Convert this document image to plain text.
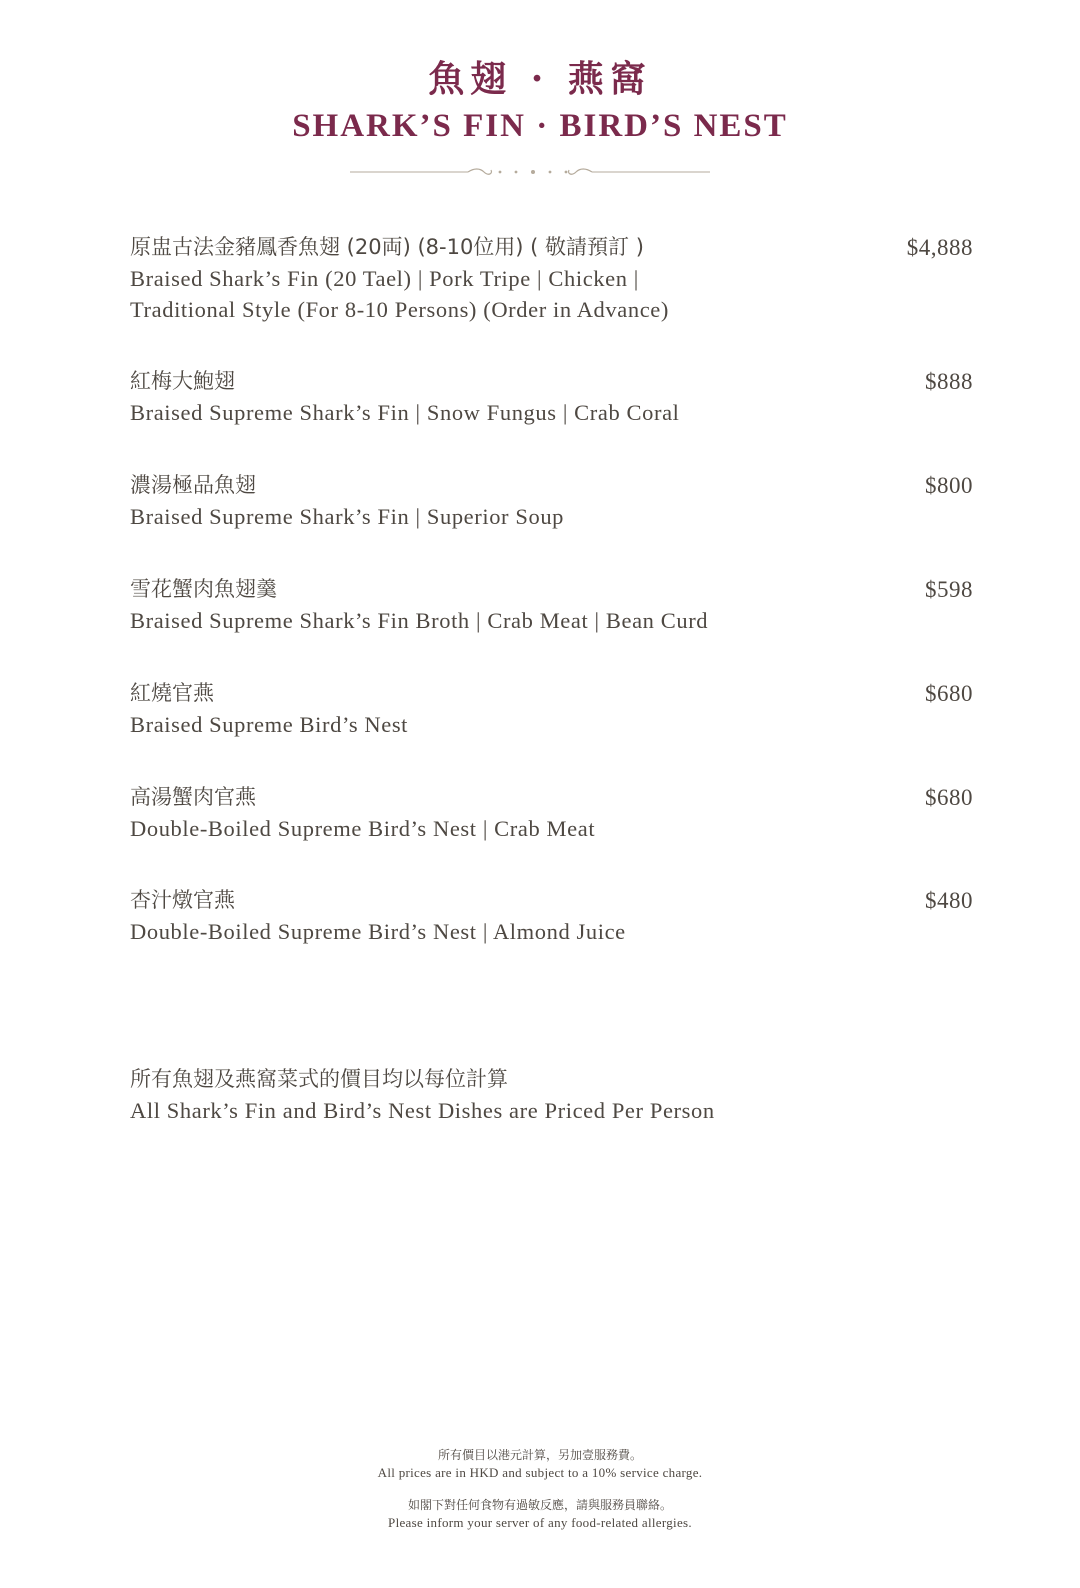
魚翅 · 燕窩
SHARK’S FIN · BIRD’S NEST
原盅古法金豬鳳香魚翅 (20両) (8-10位用) ( 敬請預訂 )
Braised Shark’s Fin (20 Tael) | Pork Tripe | Chicken |
Traditional Style (For 8-10 Persons) (Order in Advance)
$4,888
紅梅大鮑翅
Braised Supreme Shark’s Fin | Snow Fungus | Crab Coral
$888
濃湯極品魚翅
Braised Supreme Shark’s Fin | Superior Soup
$800
雪花蟹肉魚翅羹
Braised Supreme Shark’s Fin Broth | Crab Meat | Bean Curd
$598
紅燒官燕
Braised Supreme Bird’s Nest
$680
高湯蟹肉官燕
Double-Boiled Supreme Bird’s Nest | Crab Meat
$680
杏汁燉官燕
Double-Boiled Supreme Bird’s Nest | Almond Juice
$480
所有魚翅及燕窩菜式的價目均以每位計算
All Shark’s Fin and Bird’s Nest Dishes are Priced Per Person
所有價目以港元計算，另加壹服務費。
All prices are in HKD and subject to a 10% service charge.
如閣下對任何食物有過敏反應，請與服務員聯絡。
Please inform your server of any food-related allergies.
